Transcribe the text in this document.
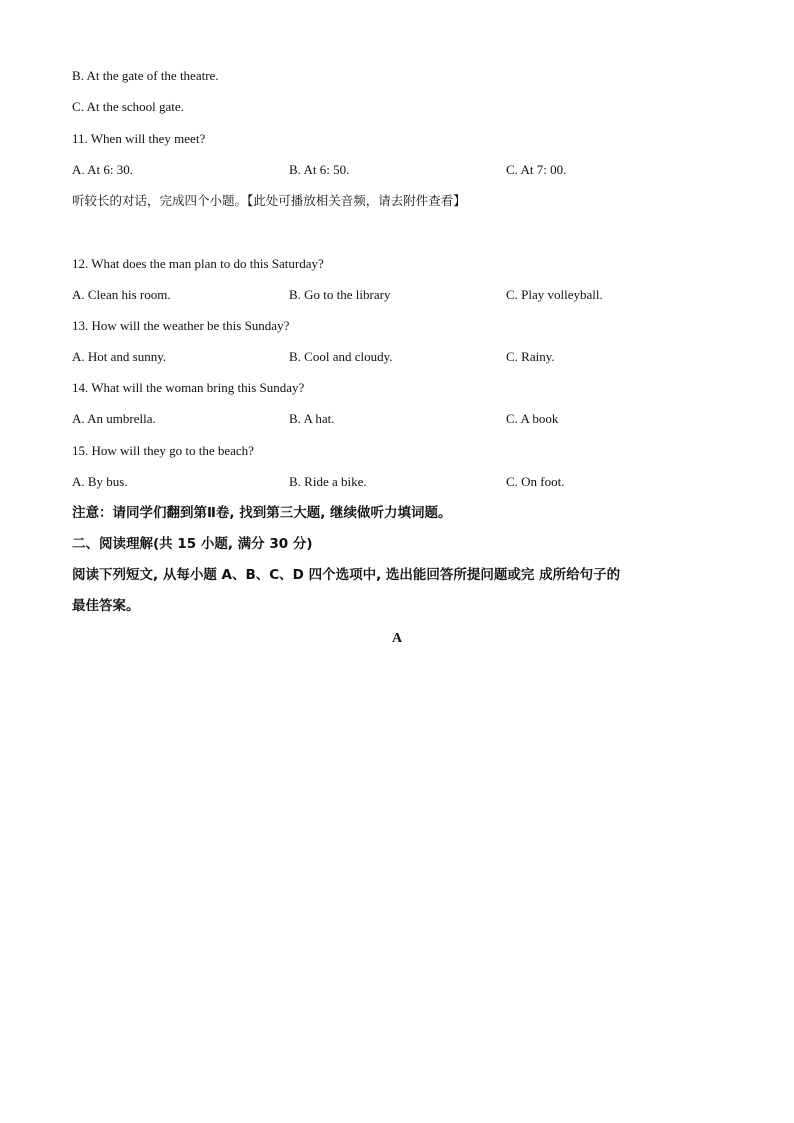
B. At the gate of the theatre.
C. At the school gate.
11. When will they meet?
A. At 6: 30.	B. At 6: 50.	C. At 7: 00.
听较长的对话，完成四个小题。【此处可播放相关音频，请去附件查看】
12. What does the man plan to do this Saturday?
A. Clean his room.	B. Go to the library	C. Play volleyball.
13. How will the weather be this Sunday?
A. Hot and sunny.	B. Cool and cloudy.	C. Rainy.
14. What will the woman bring this Sunday?
A. An umbrella.	B. A hat.	C. A book
15. How will they go to the beach?
A. By bus.	B. Ride a bike.	C. On foot.
注意：请同学们翻到第Ⅱ卷, 找到第三大题, 继续做听力填词题。
二、阅读理解(共 15 小题, 满分 30 分)
阅读下列短文, 从每小题 A、B、C、D 四个选项中, 选出能回答所提问题或完 成所给句子的
最佳答案。
A
